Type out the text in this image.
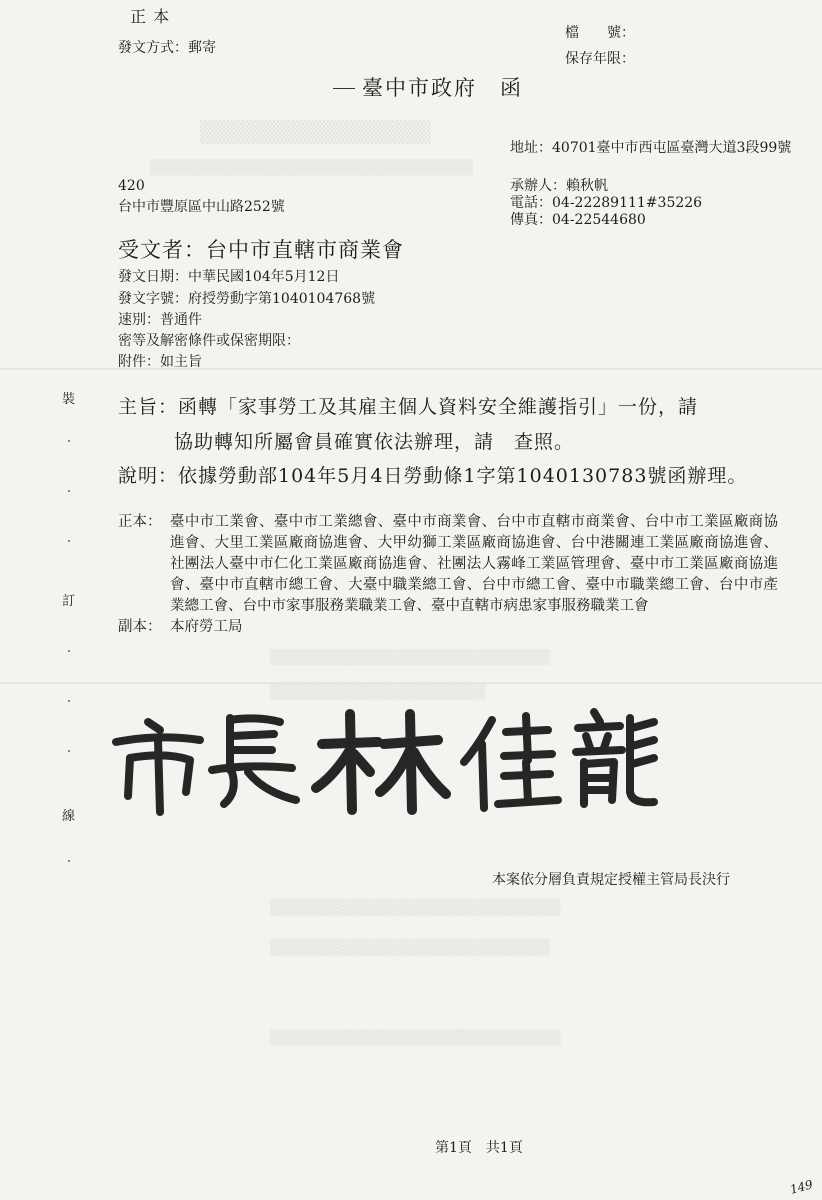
▒▒▒▒▒▒▒▒▒▒▒▒▒▒▒
▒▒▒▒▒▒▒▒▒▒▒▒▒▒▒▒▒▒▒▒▒▒▒▒▒▒▒▒▒▒
▒▒▒▒▒▒▒▒▒▒▒▒▒▒▒▒▒▒▒▒▒▒▒▒▒▒
▒▒▒▒▒▒▒▒▒▒▒▒▒▒▒▒▒▒▒▒
▒▒▒▒▒▒▒▒▒▒▒▒▒▒▒▒▒▒▒▒▒▒▒▒▒▒▒
▒▒▒▒▒▒▒▒▒▒▒▒▒▒▒▒▒▒▒▒▒▒▒▒▒▒
▒▒▒▒▒▒▒▒▒▒▒▒▒▒▒▒▒▒▒▒▒▒▒▒▒▒▒
正 本
發文方式：郵寄
檔　　號：
保存年限：
臺中市政府　函
地址：40701臺中市西屯區臺灣大道3段99號
承辦人：賴秋帆
電話：04-22289111#35226
傳真：04-22544680
420
台中市豐原區中山路252號
受文者：台中市直轄市商業會
發文日期：中華民國104年5月12日
發文字號：府授勞動字第1040104768號
速別：普通件
密等及解密條件或保密期限：
附件：如主旨
主旨：函轉「家事勞工及其雇主個人資料安全維護指引」一份，請
協助轉知所屬會員確實依法辦理，請　查照。
說明：依據勞動部104年5月4日勞動條1字第1040130783號函辦理。
正本： 臺中市工業會、臺中市工業總會、臺中市商業會、台中市直轄市商業會、台中市工業區廠商協進會、大里工業區廠商協進會、大甲幼獅工業區廠商協進會、台中港關連工業區廠商協進會、社團法人臺中市仁化工業區廠商協進會、社團法人霧峰工業區管理會、臺中市工業區廠商協進會、臺中市直轄市總工會、大臺中職業總工會、台中市總工會、臺中市職業總工會、台中市產業總工會、台中市家事服務業職業工會、臺中直轄市病患家事服務職業工會
副本： 本府勞工局
裝
訂
線
本案依分層負責規定授權主管局長決行
第1頁　共1頁
149
